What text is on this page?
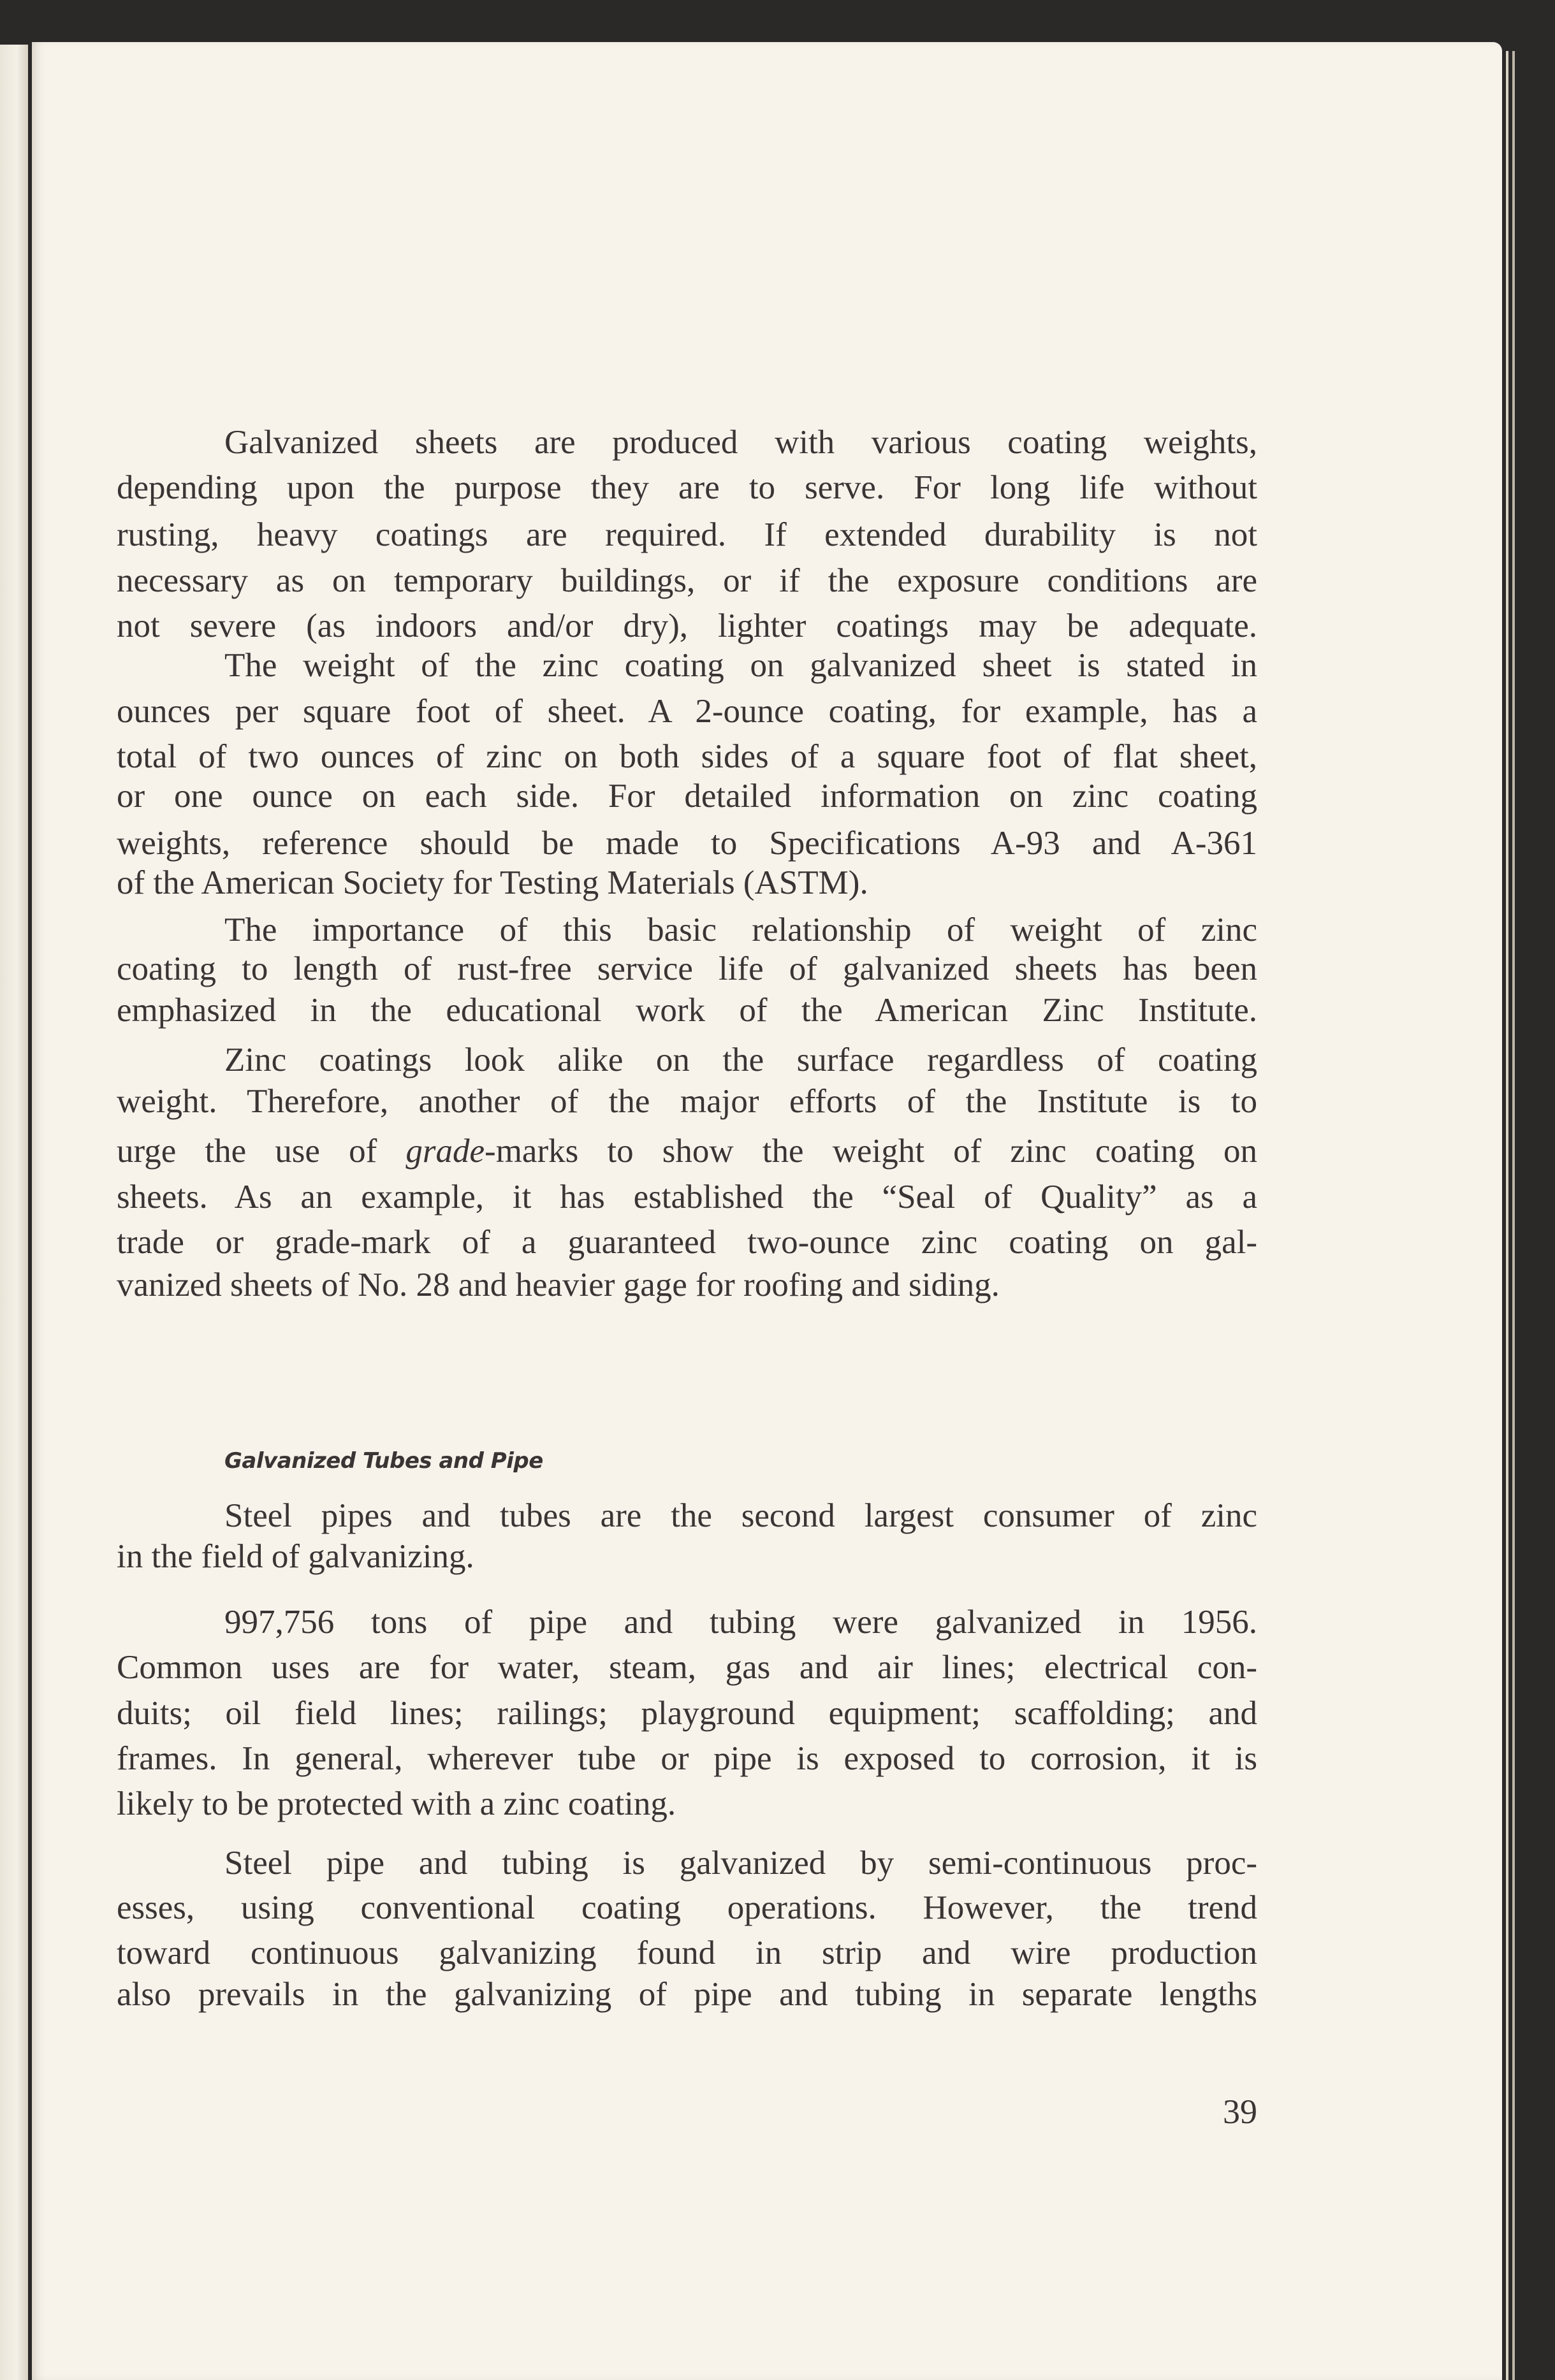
Galvanized sheets are produced with various coating weights,
depending upon the purpose they are to serve. For long life without
rusting, heavy coatings are required. If extended durability is not
necessary as on temporary buildings, or if the exposure conditions are
not severe (as indoors and/or dry), lighter coatings may be adequate.
The weight of the zinc coating on galvanized sheet is stated in
ounces per square foot of sheet. A 2-ounce coating, for example, has a
total of two ounces of zinc on both sides of a square foot of flat sheet,
or one ounce on each side. For detailed information on zinc coating
weights, reference should be made to Specifications A-93 and A-361
of the American Society for Testing Materials (ASTM).
The importance of this basic relationship of weight of zinc
coating to length of rust-free service life of galvanized sheets has been
emphasized in the educational work of the American Zinc Institute.
Zinc coatings look alike on the surface regardless of coating
weight. Therefore, another of the major efforts of the Institute is to
urge the use of grade-marks to show the weight of zinc coating on
sheets. As an example, it has established the “Seal of Quality” as a
trade or grade-mark of a guaranteed two-ounce zinc coating on gal-
vanized sheets of No. 28 and heavier gage for roofing and siding.
Galvanized Tubes and Pipe
Steel pipes and tubes are the second largest consumer of zinc
in the field of galvanizing.
997,756 tons of pipe and tubing were galvanized in 1956.
Common uses are for water, steam, gas and air lines; electrical con-
duits; oil field lines; railings; playground equipment; scaffolding; and
frames. In general, wherever tube or pipe is exposed to corrosion, it is
likely to be protected with a zinc coating.
Steel pipe and tubing is galvanized by semi-continuous proc-
esses, using conventional coating operations. However, the trend
toward continuous galvanizing found in strip and wire production
also prevails in the galvanizing of pipe and tubing in separate lengths
39
